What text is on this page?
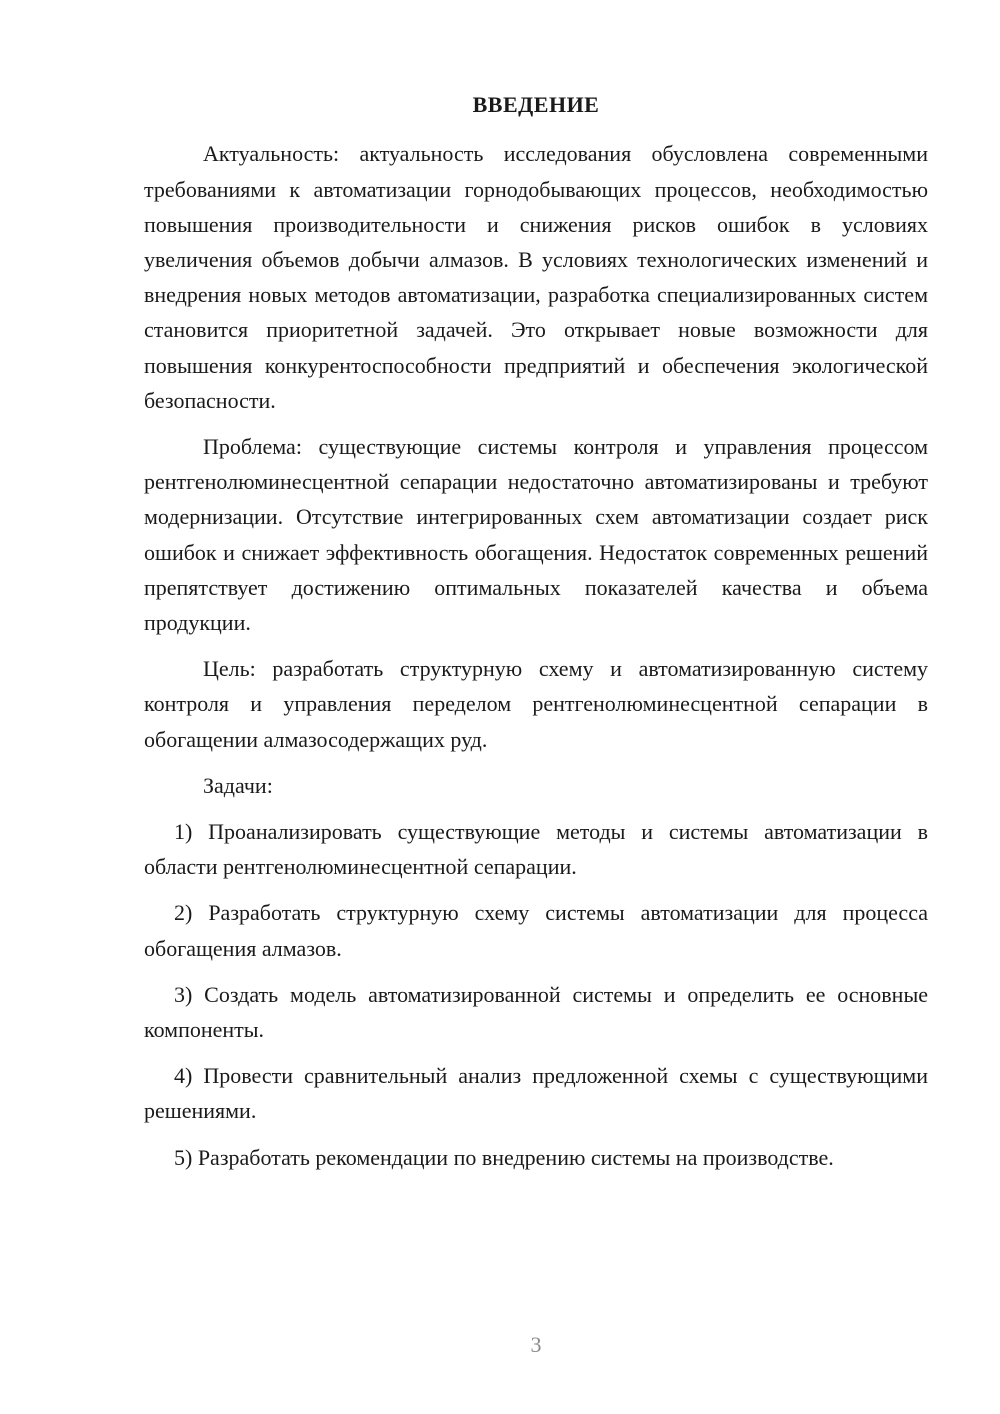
ВВЕДЕНИЕ

Актуальность: актуальность исследования обусловлена современными требованиями к автоматизации горнодобывающих процессов, необходимостью повышения производительности и снижения рисков ошибок в условиях увеличения объемов добычи алмазов. В условиях технологических изменений и внедрения новых методов автоматизации, разработка специализированных систем становится приоритетной задачей. Это открывает новые возможности для повышения конкурентоспособности предприятий и обеспечения экологической безопасности.

Проблема: существующие системы контроля и управления процессом рентгенолюминесцентной сепарации недостаточно автоматизированы и требуют модернизации. Отсутствие интегрированных схем автоматизации создает риск ошибок и снижает эффективность обогащения. Недостаток современных решений препятствует достижению оптимальных показателей качества и объема продукции.

Цель: разработать структурную схему и автоматизированную систему контроля и управления переделом рентгенолюминесцентной сепарации в обогащении алмазосодержащих руд.

Задачи:

1) Проанализировать существующие методы и системы автоматизации в области рентгенолюминесцентной сепарации.

2) Разработать структурную схему системы автоматизации для процесса обогащения алмазов.

3) Создать модель автоматизированной системы и определить ее основные компоненты.

4) Провести сравнительный анализ предложенной схемы с существующими решениями.

5) Разработать рекомендации по внедрению системы на производстве.

3
